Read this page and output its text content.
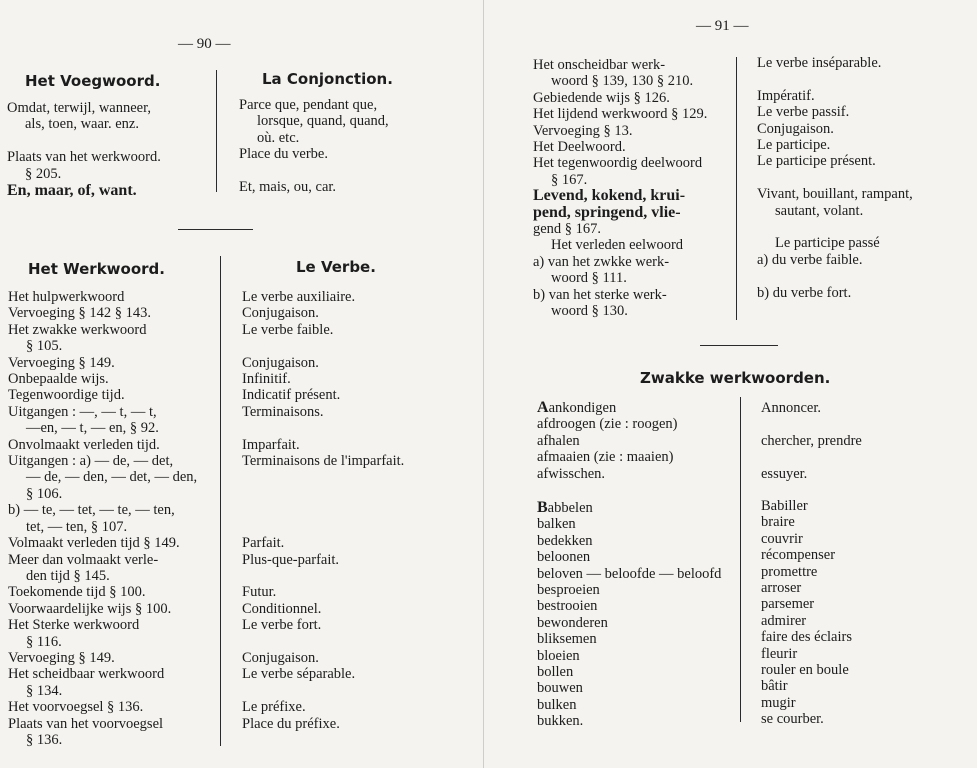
— 90 —
Het Voegwoord.	La Conjonction.
Omdat, terwijl, wanneer,
als, toen, waar. enz.

Plaats van het werkwoord.
§ 205.
En, maar, of, want.
Parce que, pendant que,
lorsque, quand, quand,
où. etc.
Place du verbe.

Et, mais, ou, car.
Het Werkwoord.	Le Verbe.
Het hulpwerkwoord
Vervoeging § 142 § 143.
Het zwakke werkwoord
§ 105.
Vervoeging § 149.
Onbepaalde wijs.
Tegenwoordige tijd.
Uitgangen : —, — t, — t,
—en, — t, — en, § 92.
Onvolmaakt verleden tijd.
Uitgangen : a) — de, — det,
— de, — den, — det, — den,
§ 106.
b) — te, — tet, — te, — ten,
tet, — ten, § 107.
Volmaakt verleden tijd § 149.
Meer dan volmaakt verle-
den tijd § 145.
Toekomende tijd § 100.
Voorwaardelijke wijs § 100.
Het Sterke werkwoord
§ 116.
Vervoeging § 149.
Het scheidbaar werkwoord
§ 134.
Het voorvoegsel § 136.
Plaats van het voorvoegsel
§ 136.
Le verbe auxiliaire.
Conjugaison.
Le verbe faible.

Conjugaison.
Infinitif.
Indicatif présent.
Terminaisons.

Imparfait.
Terminaisons de l'imparfait.

Parfait.
Plus-que-parfait.

Futur.
Conditionnel.
Le verbe fort.

Conjugaison.
Le verbe séparable.

Le préfixe.
Place du préfixe.
— 91 —
Het onscheidbar werk-
woord § 139, 130 § 210.
Gebiedende wijs § 126.
Het lijdend werkwoord § 129.
Vervoeging § 13.
Het Deelwoord.
Het tegenwoordig deelwoord
§ 167.
Levend, kokend, krui-
pend, springend, vlie-
gend § 167.
Het verleden eelwoord
a) van het zwkke werk-
woord § 111.
b) van het sterke werk-
woord § 130.
Le verbe inséparable.

Impératif.
Le verbe passif.
Conjugaison.
Le participe.
Le participe présent.

Vivant, bouillant, rampant,
sautant, volant.

Le participe passé
a) du verbe faible.

b) du verbe fort.
Zwakke werkwoorden.
Aankondigen
afdroogen (zie : roogen)
afhalen
afmaaien (zie : maaien)
afwisschen.
Annoncer.

chercher, prendre

essuyer.
Babbelen
balken
bedekken
beloonen
beloven — beloofde — beloofd
besproeien
bestrooien
bewonderen
bliksemen
bloeien
bollen
bouwen
bulken
bukken.
Babiller
braire
couvrir
récompenser
promettre
arroser
parsemer
admirer
faire des éclairs
fleurir
rouler en boule
bâtir
mugir
se courber.
